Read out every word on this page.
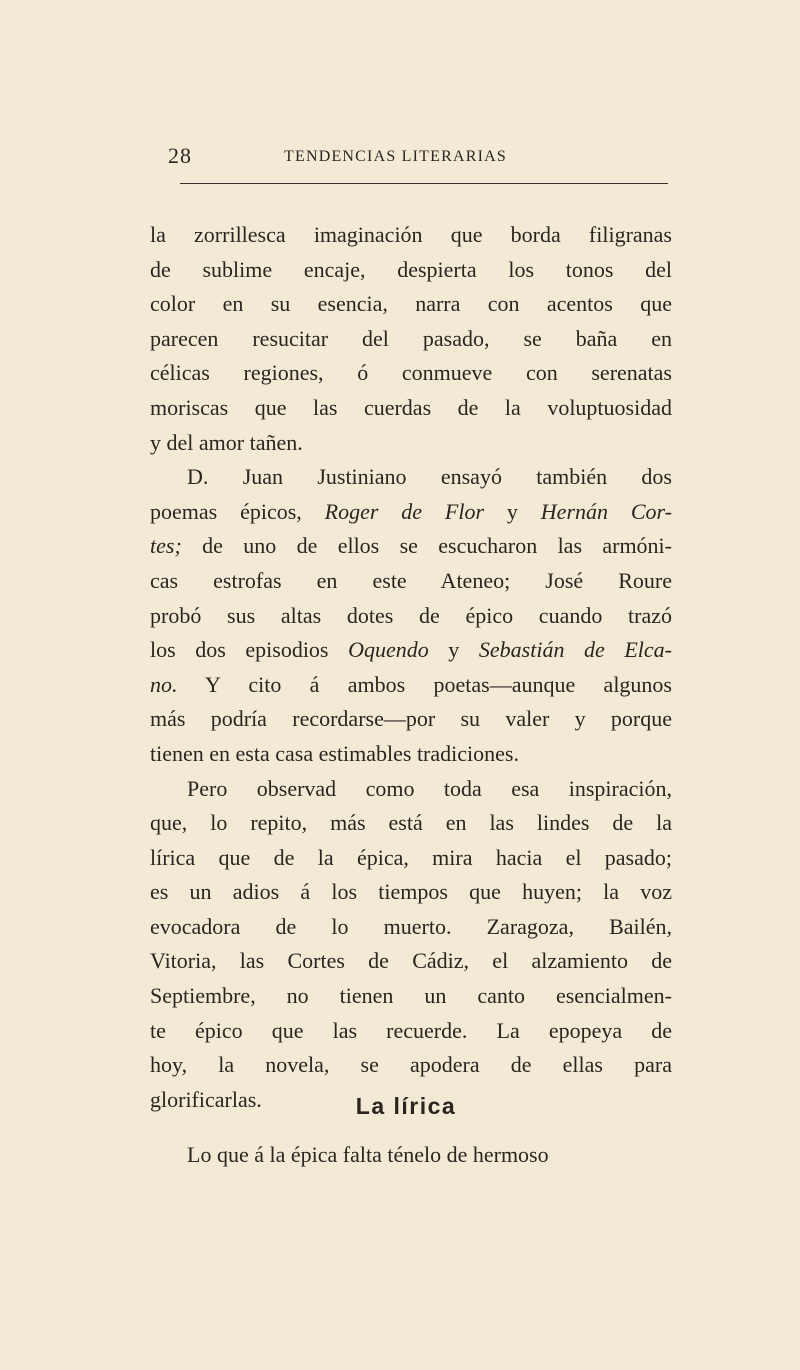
28	TENDENCIAS LITERARIAS
la zorrillesca imaginación que borda filigranas
de sublime encaje, despierta los tonos del
color en su esencia, narra con acentos que
parecen resucitar del pasado, se baña en
célicas regiones, ó conmueve con serenatas
moriscas que las cuerdas de la voluptuosidad
y del amor tañen.
D. Juan Justiniano ensayó también dos
poemas épicos, Roger de Flor y Hernán Cor-
tes; de uno de ellos se escucharon las armóni-
cas estrofas en este Ateneo; José Roure
probó sus altas dotes de épico cuando trazó
los dos episodios Oquendo y Sebastián de Elca-
no. Y cito á ambos poetas—aunque algunos
más podría recordarse—por su valer y porque
tienen en esta casa estimables tradiciones.
Pero observad como toda esa inspiración,
que, lo repito, más está en las lindes de la
lírica que de la épica, mira hacia el pasado;
es un adios á los tiempos que huyen; la voz
evocadora de lo muerto. Zaragoza, Bailén,
Vitoria, las Cortes de Cádiz, el alzamiento de
Septiembre, no tienen un canto esencialmen-
te épico que las recuerde. La epopeya de
hoy, la novela, se apodera de ellas para
glorificarlas.	La lírica
Lo que á la épica falta ténelo de hermoso
